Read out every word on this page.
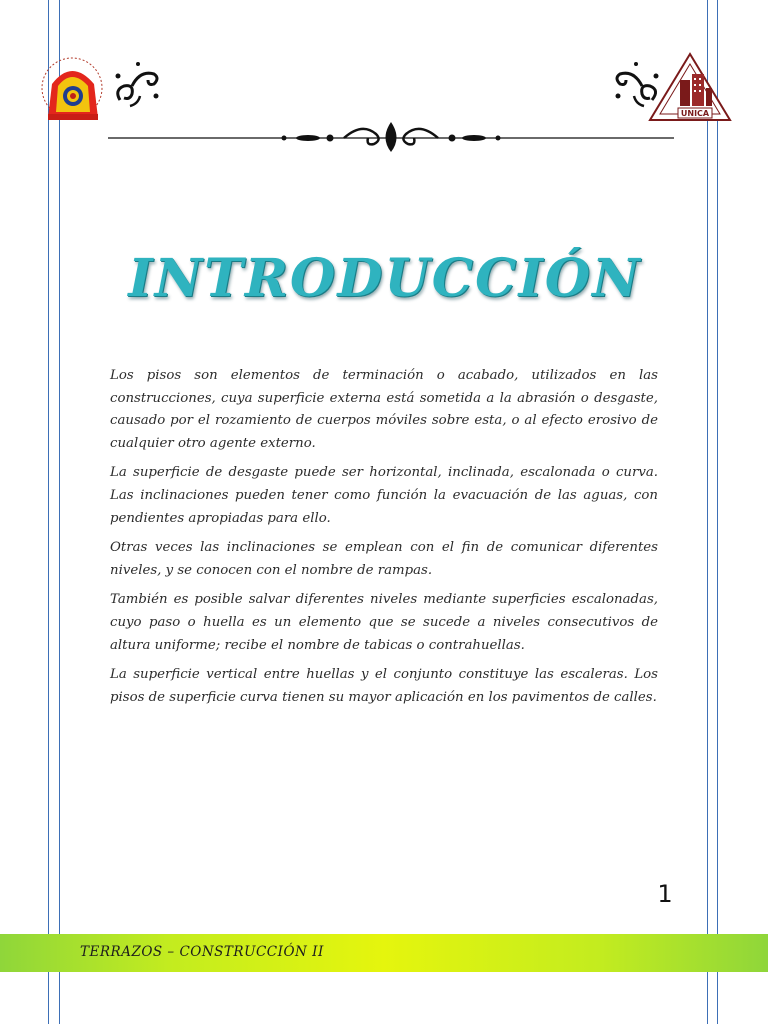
UNICA
INTRODUCCIÓN

Los pisos son elementos de terminación o acabado, utilizados en las construcciones, cuya superficie externa está sometida a la abrasión o desgaste, causado por el rozamiento de cuerpos móviles sobre esta, o al efecto erosivo de cualquier otro agente externo.

La superficie de desgaste puede ser horizontal, inclinada, escalonada o curva. Las inclinaciones pueden tener como función la evacuación de las aguas, con pendientes apropiadas para ello.

Otras veces las inclinaciones se emplean con el fin de comunicar diferentes niveles, y se conocen con el nombre de rampas.

También es posible salvar diferentes niveles mediante superficies escalonadas, cuyo paso o huella es un elemento que se sucede a niveles consecutivos de altura uniforme; recibe el nombre de tabicas o contrahuellas.

La superficie vertical entre huellas y el conjunto constituye las escaleras. Los pisos de superficie curva tienen su mayor aplicación en los pavimentos de calles.

1
TERRAZOS – CONSTRUCCIÓN II
